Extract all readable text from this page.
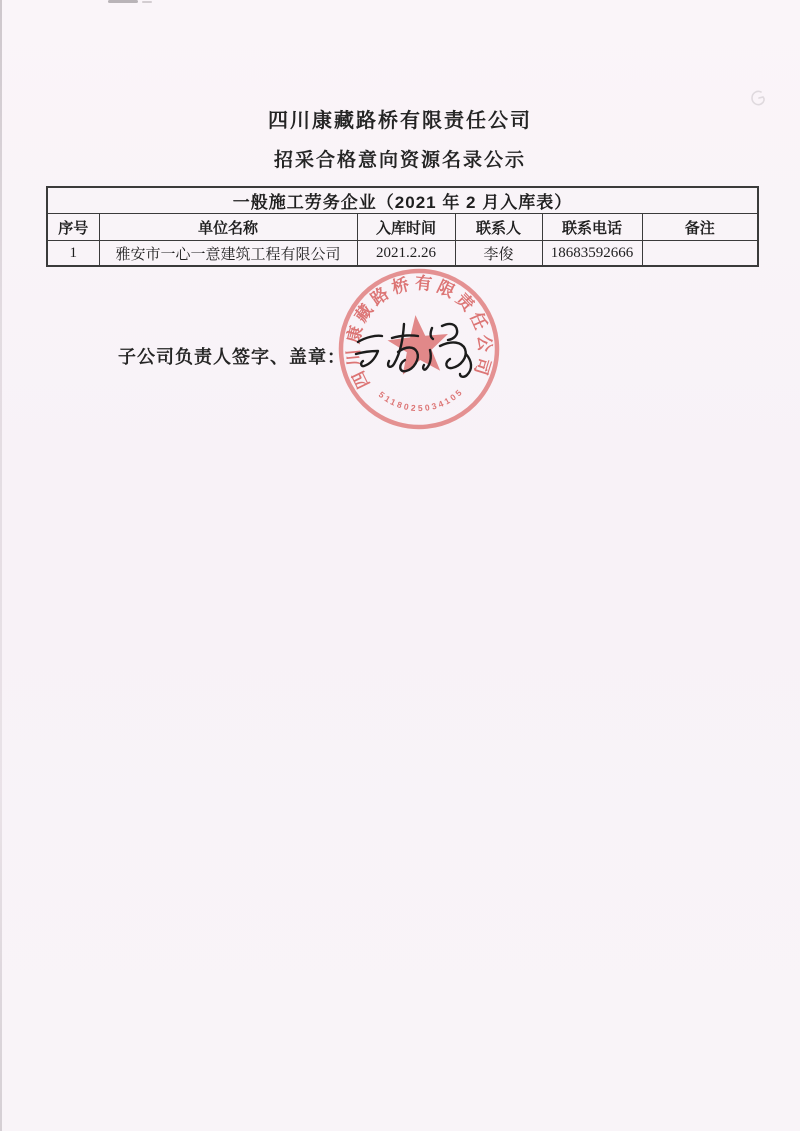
四川康藏路桥有限责任公司
招采合格意向资源名录公示
一般施工劳务企业（2021 年 2 月入库表）					
序号	单位名称	入库时间	联系人	联系电话	备注
1	雅安市一心一意建筑工程有限公司	2021.2.26	李俊	18683592666	
子公司负责人签字、盖章：
四川康藏路桥有限责任公司
5118025034105
